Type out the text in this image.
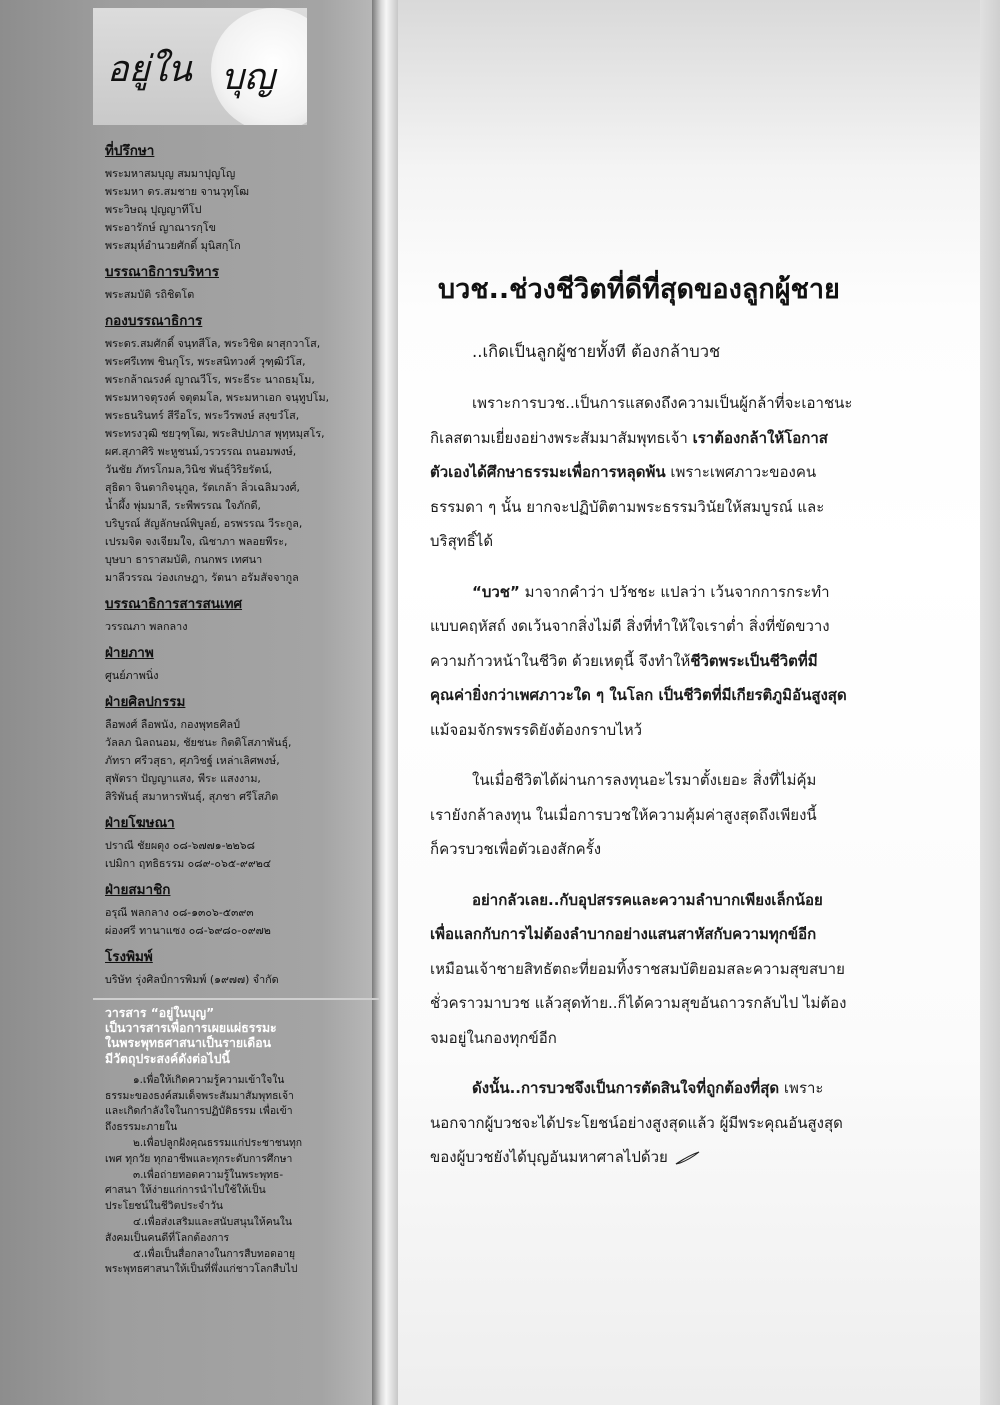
อยู่ใน บุญ
ที่ปรึกษา
พระมหาสมบุญ สมมาปุญโญ
พระมหา ดร.สมชาย จานวุทฺโฒ
พระวิษณุ ปุญญาทีโป
พระอารักษ์ ญาณารกฺโข
พระสมุห์อำนวยศักดิ์ มุนิสกฺโก
บรรณาธิการบริหาร
พระสมบัติ รถิชิตโต
กองบรรณาธิการ
พระดร.สมศักดิ์ จนฺทสีโล, พระวิชิต ผาสุกวาโส,
พระศรีเทพ ชินกุโร, พระสนิทวงศ์ วุฑฺฒิวํโส,
พระกล้าณรงค์ ญาณวีโร, พระธีระ นาถธมฺโม,
พระมหาจตุรงค์ จตุตมโล, พระมหาเอก จนฺทูปโม,
พระธนรินทร์ สีรีอโร, พระวีรพงษ์ สงฺขวํโส,
พระทรงวุฒิ ชยวุฑฺโฒ, พระสิปปภาส พุทฺหมฺสโร,
ผศ.สุภาศิริ พะหูชนม์,วรวรรณ ถนอมพงษ์,
วันชัย ภัทรโกมล,วินิช พันธุ์วิริยรัตน์,
สุธิดา จินดากิจนุกูล, รัตเกล้า ลิ่วเฉลิมวงศ์,
น้ำผึ้ง พุ่มมาลี, ระพีพรรณ ใจภักดี,
บริบูรณ์ สัญลักษณ์พิบูลย์, อรพรรณ วีระกูล,
เปรมจิต จงเจียมใจ, ณิชาภา พลอยพีระ,
บุษบา ธาราสมบัติ, กนกพร เทศนา
มาลีวรรณ ว่องเกษฎา, รัตนา อรัมสัจจากูล
บรรณาธิการสารสนเทศ
วรรณภา พลกลาง
ฝ่ายภาพ
ศูนย์ภาพนิ่ง
ฝ่ายศิลปกรรม
ลือพงศ์ ลือพนัง, กองพุทธศิลป์
วัลลภ นิลถนอม, ชัยชนะ กิตติโสภาพันธุ์,
ภัทรา ศรีวสุธา, ศุภวิชฐ์ เหล่าเลิศพงษ์,
สุพัตรา ปัญญาแสง, พีระ แสงงาม,
สิริพันธุ์ สมาหารพันธุ์, สุภชา ศรีโสภิต
ฝ่ายโฆษณา
ปราณี ชัยผดุง ๐๘-๖๗๗๑-๒๒๖๘
เปมิกา ฤทธิธรรม ๐๘๙-๐๖๕-๙๙๒๔
ฝ่ายสมาชิก
อรุณี พลกลาง ๐๘-๑๓๐๖-๕๓๙๓
ผ่องศรี ทานาแซง ๐๘-๖๙๘๐-๐๙๗๒
โรงพิมพ์
บริษัท รุ่งศิลป์การพิมพ์ (๑๙๗๗) จำกัด
วารสาร “อยู่ในบุญ”
เป็นวารสารเพื่อการเผยแผ่ธรรมะ
ในพระพุทธศาสนาเป็นรายเดือน
มีวัตถุประสงค์ดังต่อไปนี้
๑.เพื่อให้เกิดความรู้ความเข้าใจใน
ธรรมะของธงค์สมเด็จพระสัมมาสัมพุทธเจ้า
และเกิดกำลังใจในการปฏิบัติธรรม เพื่อเข้า
ถึงธรรมะภายใน
๒.เพื่อปลูกฝังคุณธรรมแก่ประชาชนทุก
เพศ ทุกวัย ทุกอาชีพและทุกระดับการศึกษา
๓.เพื่อถ่ายทอดความรู้ในพระพุทธ-
ศาสนา ให้ง่ายแก่การนำไปใช้ให้เป็น
ประโยชน์ในชีวิตประจำวัน
๔.เพื่อส่งเสริมและสนับสนุนให้คนใน
สังคมเป็นคนดีที่โลกต้องการ
๕.เพื่อเป็นสื่อกลางในการสืบทอดอายุ
พระพุทธศาสนาให้เป็นที่พึ่งแก่ชาวโลกสืบไป
บวช..ช่วงชีวิตที่ดีที่สุดของลูกผู้ชาย
..เกิดเป็นลูกผู้ชายทั้งที ต้องกล้าบวช
เพราะการบวช..เป็นการแสดงถึงความเป็นผู้กล้าที่จะเอาชนะ
กิเลสตามเยี่ยงอย่างพระสัมมาสัมพุทธเจ้า เราต้องกล้าให้โอกาส
ตัวเองได้ศึกษาธรรมะเพื่อการหลุดพ้น เพราะเพศภาวะของคน
ธรรมดา ๆ นั้น ยากจะปฏิบัติตามพระธรรมวินัยให้สมบูรณ์ และ
บริสุทธิ์ได้
“บวช” มาจากคำว่า ปวัชชะ แปลว่า เว้นจากการกระทำ
แบบคฤหัสถ์ งดเว้นจากสิ่งไม่ดี สิ่งที่ทำให้ใจเราต่ำ สิ่งที่ขัดขวาง
ความก้าวหน้าในชีวิต ด้วยเหตุนี้ จึงทำให้ชีวิตพระเป็นชีวิตที่มี
คุณค่ายิ่งกว่าเพศภาวะใด ๆ ในโลก เป็นชีวิตที่มีเกียรติภูมิอันสูงสุด
แม้จอมจักรพรรดิยังต้องกราบไหว้
ในเมื่อชีวิตได้ผ่านการลงทุนอะไรมาตั้งเยอะ สิ่งที่ไม่คุ้ม
เรายังกล้าลงทุน ในเมื่อการบวชให้ความคุ้มค่าสูงสุดถึงเพียงนี้
ก็ควรบวชเพื่อตัวเองสักครั้ง
อย่ากลัวเลย..กับอุปสรรคและความลำบากเพียงเล็กน้อย
เพื่อแลกกับการไม่ต้องลำบากอย่างแสนสาหัสกับความทุกข์อีก
เหมือนเจ้าชายสิทธัตถะที่ยอมทิ้งราชสมบัติยอมสละความสุขสบาย
ชั่วคราวมาบวช แล้วสุดท้าย..ก็ได้ความสุขอันถาวรกลับไป ไม่ต้อง
จมอยู่ในกองทุกข์อีก
ดังนั้น..การบวชจึงเป็นการตัดสินใจที่ถูกต้องที่สุด เพราะ
นอกจากผู้บวชจะได้ประโยชน์อย่างสูงสุดแล้ว ผู้มีพระคุณอันสูงสุด
ของผู้บวชยังได้บุญอันมหาศาลไปด้วย
